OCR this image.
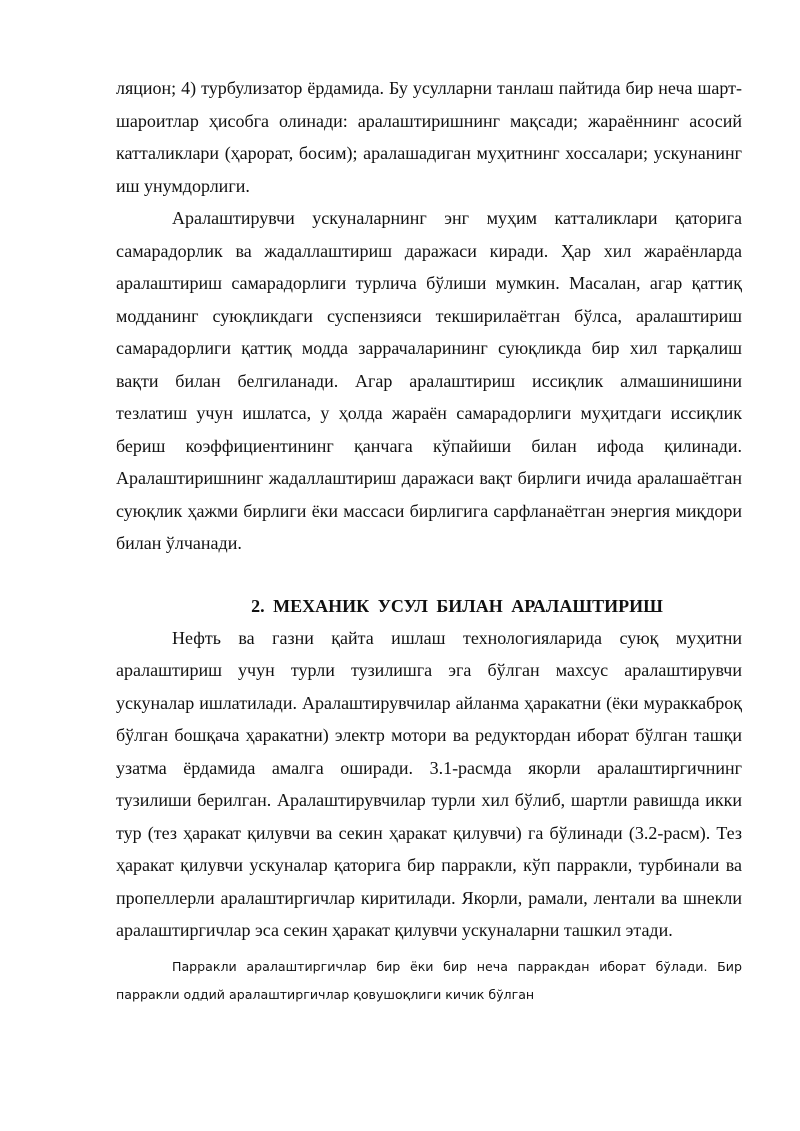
ляцион; 4) турбулизатор ёрдамида. Бу усулларни танлаш пайтида бир неча шарт-шароитлар ҳисобга олинади: аралаштиришнинг мақсади; жараённинг асосий катталиклари (ҳарорат, босим); аралашадиган муҳитнинг хоссалари; ускунанинг иш унумдорлиги.

Аралаштирувчи ускуналарнинг энг муҳим катталиклари қаторига самарадорлик ва жадаллаштириш даражаси киради. Ҳар хил жараёнларда аралаштириш самарадорлиги турлича бўлиши мумкин. Масалан, агар қаттиқ модданинг суюқликдаги суспензияси текширилаётган бўлса, аралаштириш самарадорлиги қаттиқ модда заррачаларининг суюқликда бир хил тарқалиш вақти билан белгиланади. Агар аралаштириш иссиқлик алмашинишини тезлатиш учун ишлатса, у ҳолда жараён самарадорлиги муҳитдаги иссиқлик бериш коэффициентининг қанчага кўпайиши билан ифода қилинади. Аралаштиришнинг жадаллаштириш даражаси вақт бирлиги ичида аралашаётган суюқлик ҳажми бирлиги ёки массаси бирлигига сарфланаётган энергия миқдори билан ўлчанади.

2. МЕХАНИК УСУЛ БИЛАН АРАЛАШТИРИШ

Нефть ва газни қайта ишлаш технологияларида суюқ муҳитни аралаштириш учун турли тузилишга эга бўлган махсус аралаштирувчи ускуналар ишлатилади. Аралаштирувчилар айланма ҳаракатни (ёки мураккаброқ бўлган бошқача ҳаракатни) электр мотори ва редуктордан иборат бўлган ташқи узатма ёрдамида амалга оширади. 3.1-расмда якорли аралаштиргичнинг тузилиши берилган. Аралаштирувчилар турли хил бўлиб, шартли равишда икки тур (тез ҳаракат қилувчи ва секин ҳаракат қилувчи) га бўлинади (3.2-расм). Тез ҳаракат қилувчи ускуналар қаторига бир парракли, кўп парракли, турбинали ва пропеллерли аралаштиргичлар киритилади. Якорли, рамали, лентали ва шнекли аралаштиргичлар эса секин ҳаракат қилувчи ускуналарни ташкил этади.

Парракли аралаштиргичлар бир ёки бир неча парракдан иборат бўлади. Бир парракли оддий аралаштиргичлар қовушоқлиги кичик бўлган
